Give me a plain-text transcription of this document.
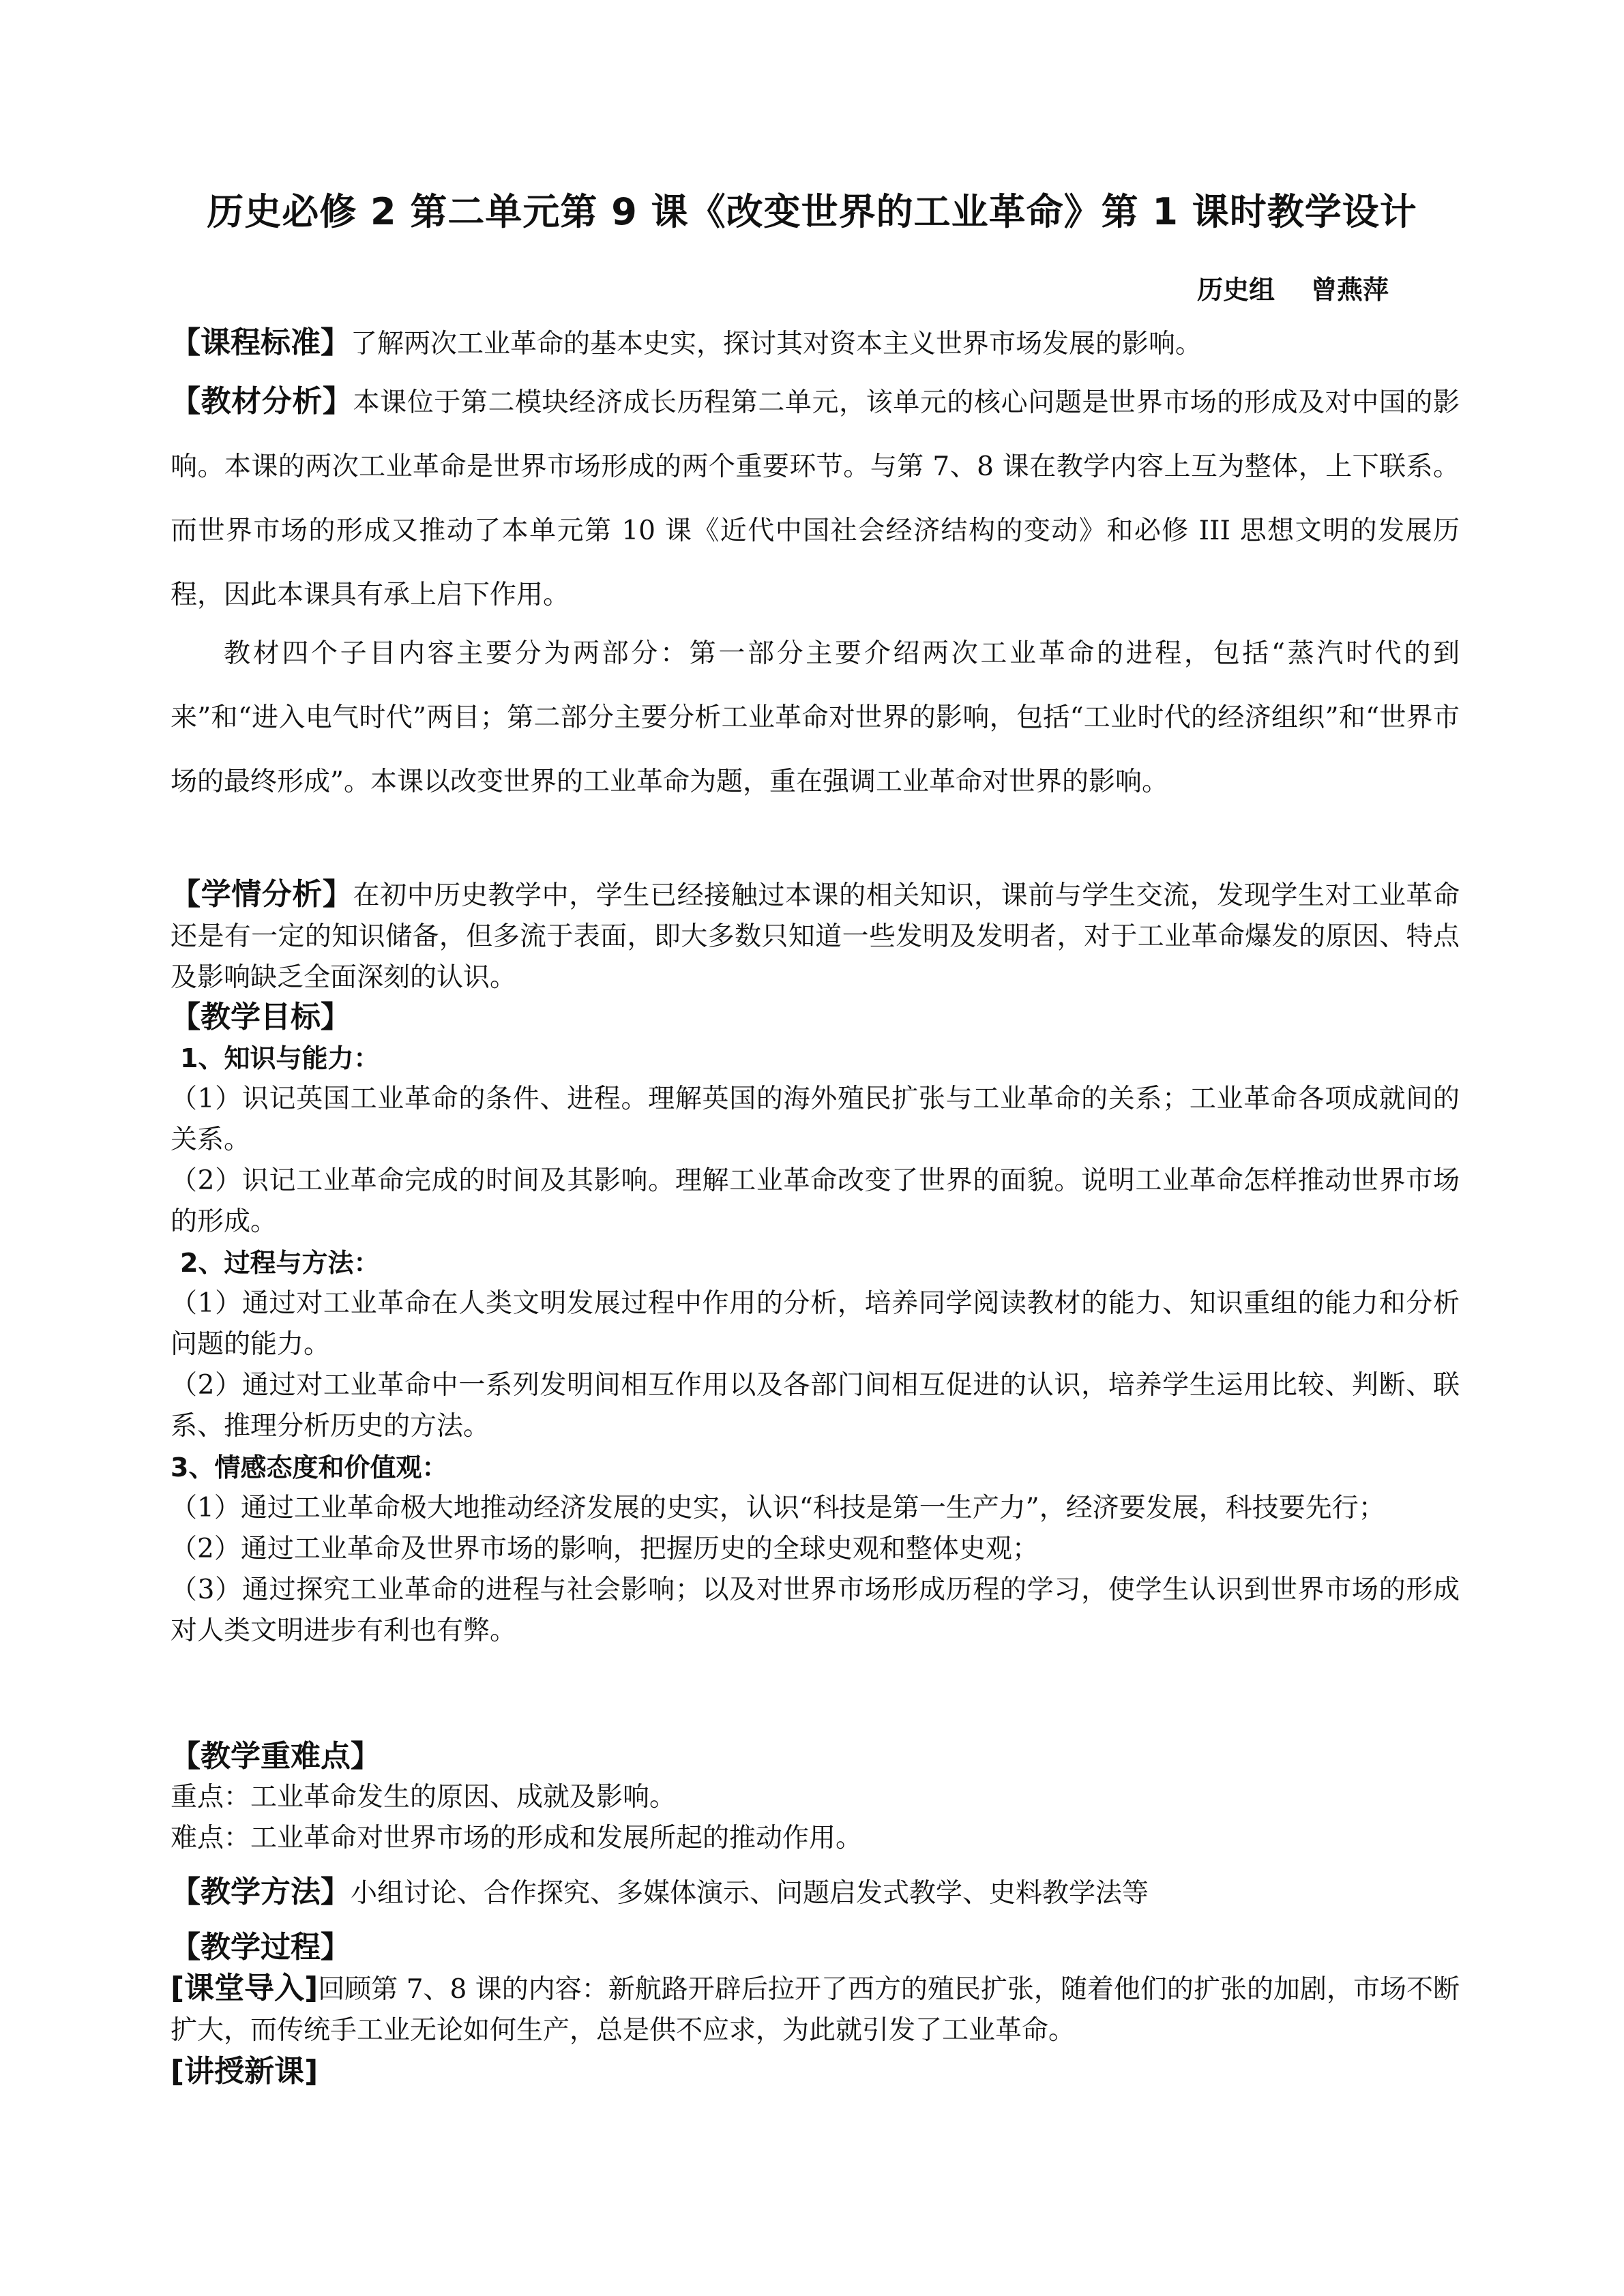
历史必修 2 第二单元第 9 课《改变世界的工业革命》第 1 课时教学设计
历史组    曾燕萍
【课程标准】了解两次工业革命的基本史实，探讨其对资本主义世界市场发展的影响。
【教材分析】本课位于第二模块经济成长历程第二单元，该单元的核心问题是世界市场的形成及对中国的影响。本课的两次工业革命是世界市场形成的两个重要环节。与第 7、8 课在教学内容上互为整体，上下联系。而世界市场的形成又推动了本单元第 10 课《近代中国社会经济结构的变动》和必修 III 思想文明的发展历程，因此本课具有承上启下作用。
教材四个子目内容主要分为两部分：第一部分主要介绍两次工业革命的进程，包括“蒸汽时代的到来”和“进入电气时代”两目；第二部分主要分析工业革命对世界的影响，包括“工业时代的经济组织”和“世界市场的最终形成”。本课以改变世界的工业革命为题，重在强调工业革命对世界的影响。
【学情分析】在初中历史教学中，学生已经接触过本课的相关知识，课前与学生交流，发现学生对工业革命还是有一定的知识储备，但多流于表面，即大多数只知道一些发明及发明者，对于工业革命爆发的原因、特点及影响缺乏全面深刻的认识。
【教学目标】
1、知识与能力：
（1）识记英国工业革命的条件、进程。理解英国的海外殖民扩张与工业革命的关系；工业革命各项成就间的关系。
（2）识记工业革命完成的时间及其影响。理解工业革命改变了世界的面貌。说明工业革命怎样推动世界市场的形成。
2、过程与方法：
（1）通过对工业革命在人类文明发展过程中作用的分析，培养同学阅读教材的能力、知识重组的能力和分析问题的能力。
（2）通过对工业革命中一系列发明间相互作用以及各部门间相互促进的认识，培养学生运用比较、判断、联系、推理分析历史的方法。
3、情感态度和价值观：
（1）通过工业革命极大地推动经济发展的史实，认识“科技是第一生产力”，经济要发展，科技要先行；
（2）通过工业革命及世界市场的影响，把握历史的全球史观和整体史观；
（3）通过探究工业革命的进程与社会影响；以及对世界市场形成历程的学习，使学生认识到世界市场的形成对人类文明进步有利也有弊。
【教学重难点】
重点：工业革命发生的原因、成就及影响。
难点：工业革命对世界市场的形成和发展所起的推动作用。
【教学方法】小组讨论、合作探究、多媒体演示、问题启发式教学、史料教学法等
【教学过程】
[课堂导入]回顾第 7、8 课的内容：新航路开辟后拉开了西方的殖民扩张，随着他们的扩张的加剧，市场不断扩大，而传统手工业无论如何生产，总是供不应求，为此就引发了工业革命。
[讲授新课]
